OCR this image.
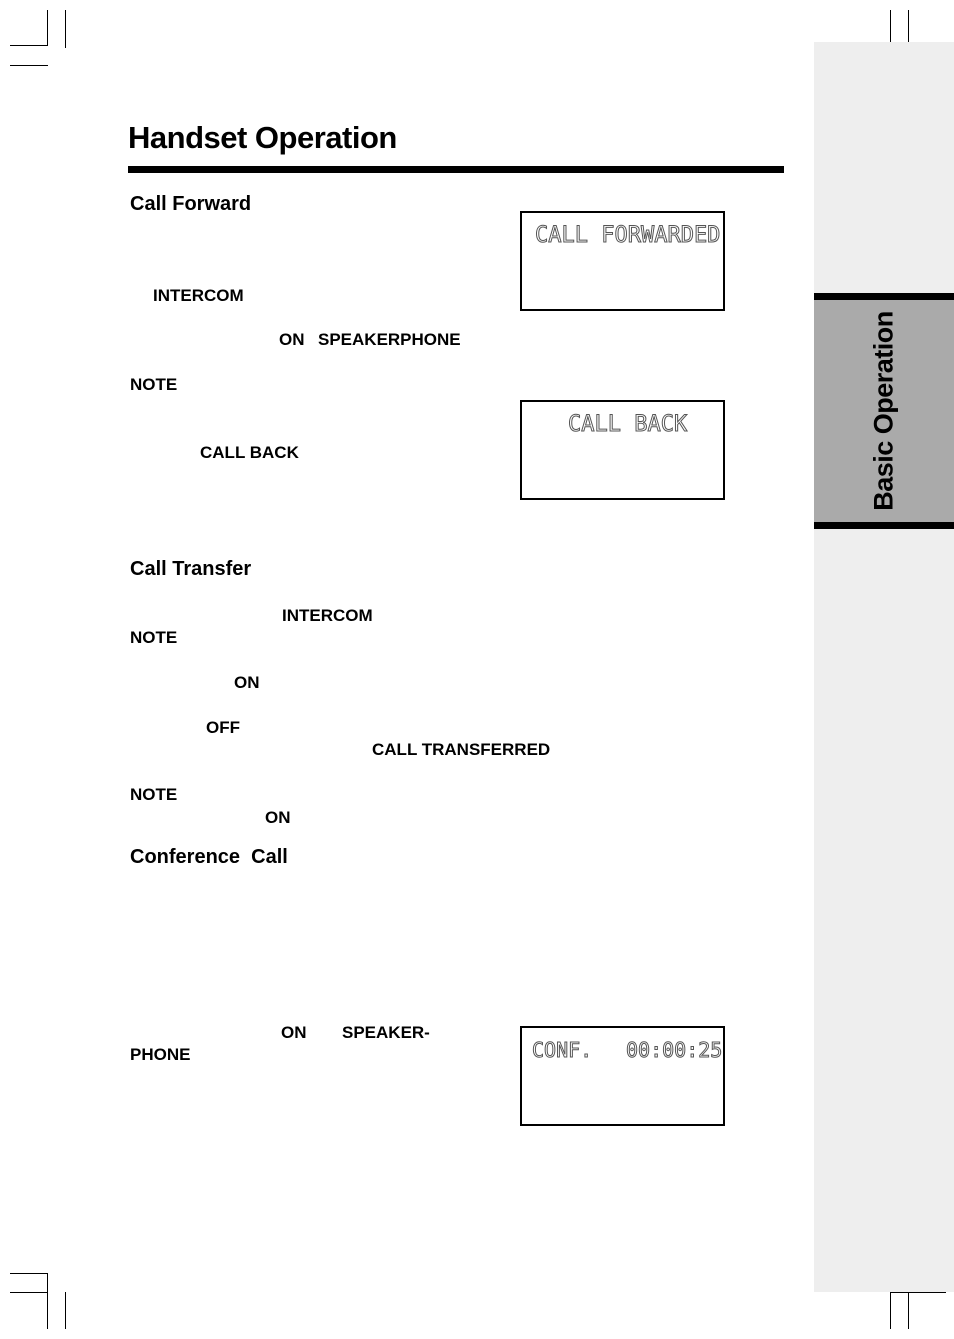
Basic Operation
Handset Operation
Call Forward
INTERCOM
ON SPEAKERPHONE
NOTE
CALL BACK
CALL FORWARDED
CALL BACK
Call Transfer
INTERCOM
NOTE
ON
OFF
CALL TRANSFERRED
NOTE
ON
Conference  Call
ON SPEAKER-
PHONE	CONF. 00:00:25
